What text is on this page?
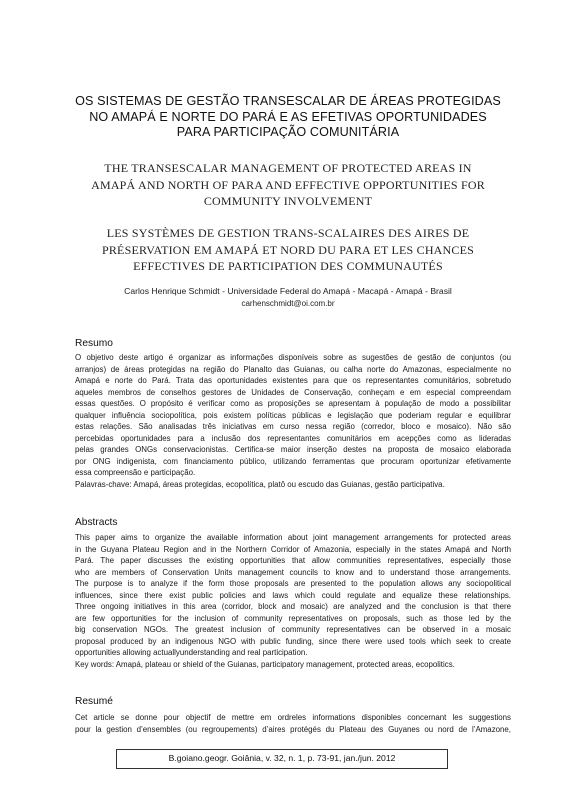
OS SISTEMAS DE GESTÃO TRANSESCALAR DE ÁREAS PROTEGIDAS
NO AMAPÁ E NORTE DO PARÁ E AS EFETIVAS OPORTUNIDADES
PARA PARTICIPAÇÃO COMUNITÁRIA
THE TRANSESCALAR MANAGEMENT OF PROTECTED AREAS IN
AMAPÁ AND NORTH OF PARA AND EFFECTIVE OPPORTUNITIES FOR
COMMUNITY INVOLVEMENT
LES SYSTÈMES DE GESTION TRANS-SCALAIRES DES AIRES DE
PRÉSERVATION EM AMAPÁ ET NORD DU PARA ET LES CHANCES
EFFECTIVES DE PARTICIPATION DES COMMUNAUTÉS
Carlos Henrique Schmidt - Universidade Federal do Amapá - Macapá - Amapá - Brasil
carhenschmidt@oi.com.br
Resumo
O objetivo deste artigo é organizar as informações disponíveis sobre as sugestões de gestão de conjuntos (ou
arranjos) de áreas protegidas na região do Planalto das Guianas, ou calha norte do Amazonas, especialmente no
Amapá e norte do Pará. Trata das oportunidades existentes para que os representantes comunitários, sobretudo
aqueles membros de conselhos gestores de Unidades de Conservação, conheçam e em especial compreendam
essas questões. O propósito é verificar como as proposições se apresentam à população de modo a possibilitar
qualquer influência sociopolítica, pois existem políticas públicas e legislação que poderiam regular e equilibrar
estas relações. São analisadas três iniciativas em curso nessa região (corredor, bloco e mosaico). Não são
percebidas oportunidades para a inclusão dos representantes comunitários em acepções como as lideradas
pelas grandes ONGs conservacionistas. Certifica-se maior inserção destes na proposta de mosaico elaborada
por ONG indigenista, com financiamento público, utilizando ferramentas que procuram oportunizar efetivamente
essa compreensão e participação.
Palavras-chave: Amapá, áreas protegidas, ecopolítica, platô ou escudo das Guianas, gestão participativa.
Abstracts
This paper aims to organize the available information about joint management arrangements for protected areas
in the Guyana Plateau Region and in the Northern Corridor of Amazonia, especially in the states Amapá and North
Pará. The paper discusses the existing opportunities that allow communities representatives, especially those
who are members of Conservation Units management councils to know and to understand those arrangements.
The purpose is to analyze if the form those proposals are presented to the population allows any sociopolitical
influences, since there exist public policies and laws which could regulate and equalize these relationships.
Three ongoing initiatives in this area (corridor, block and mosaic) are analyzed and the conclusion is that there
are few opportunities for the inclusion of community representatives on proposals, such as those led by the
big conservation NGOs. The greatest inclusion of community representatives can be observed in a mosaic
proposal produced by an indigenous NGO with public funding, since there were used tools which seek to create
opportunities allowing actuallyunderstanding and real participation.
Key words: Amapá, plateau or shield of the Guianas, participatory management, protected areas, ecopolitics.
Resumé
Cet article se donne pour objectif de mettre em ordreles informations disponibles concernant les suggestions
pour la gestion d’ensembles (ou regroupements) d’aires protégés du Plateau des Guyanes ou nord de l’Amazone,
B.goiano.geogr. Goiânia, v. 32, n. 1, p. 73-91, jan./jun. 2012
